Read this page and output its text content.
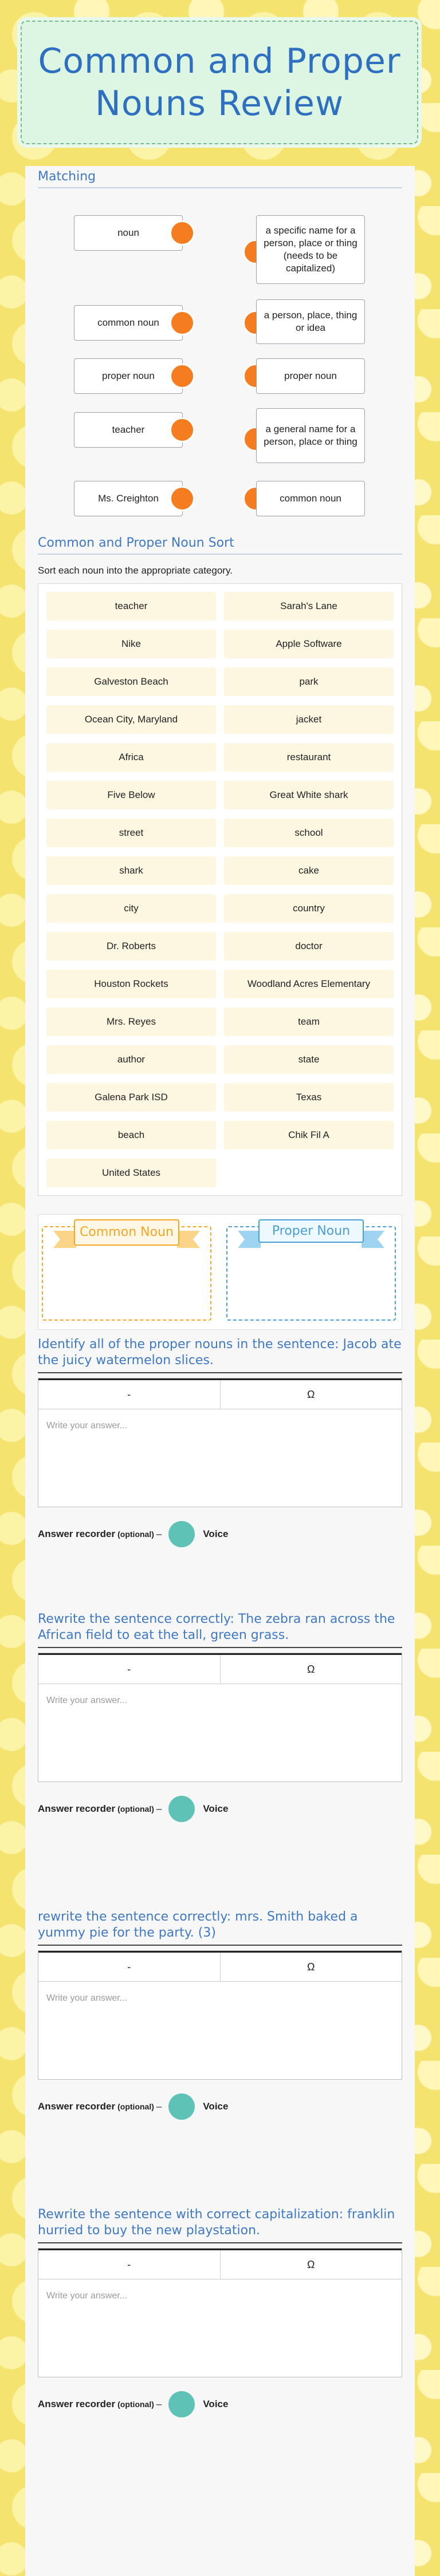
Common and Proper Nouns Review
Matching
noun	a specific name for a person, place or thing (needs to be capitalized)
common noun
a person, place, thing or idea
proper noun	proper noun
teacher	a general name for a person, place or thing
Ms. Creighton	common noun
Common and Proper Noun Sort
Sort each noun into the appropriate category.
teacher	Sarah's Lane
Nike	Apple Software
Galveston Beach	park
Ocean City, Maryland	jacket
Africa	restaurant
Five Below	Great White shark
street	school
shark	cake
city	country
Dr. Roberts	doctor
Houston Rockets	Woodland Acres Elementary
Mrs. Reyes	team
author	state
Galena Park ISD	Texas
beach	Chik Fil A
United States
Common Noun	Proper Noun
Identify all of the proper nouns in the sentence: Jacob ate the juicy watermelon slices.
-	Ω
Write your answer...
Answer recorder (optional) –	Voice
Rewrite the sentence correctly: The zebra ran across the African field to eat the tall, green grass.
-	Ω
Write your answer...
Answer recorder (optional) –	Voice
rewrite the sentence correctly: mrs. Smith baked a yummy pie for the party. (3)
-	Ω
Write your answer...
Answer recorder (optional) –	Voice
Rewrite the sentence with correct capitalization: franklin hurried to buy the new playstation.
-	Ω
Write your answer...
Answer recorder (optional) –	Voice
